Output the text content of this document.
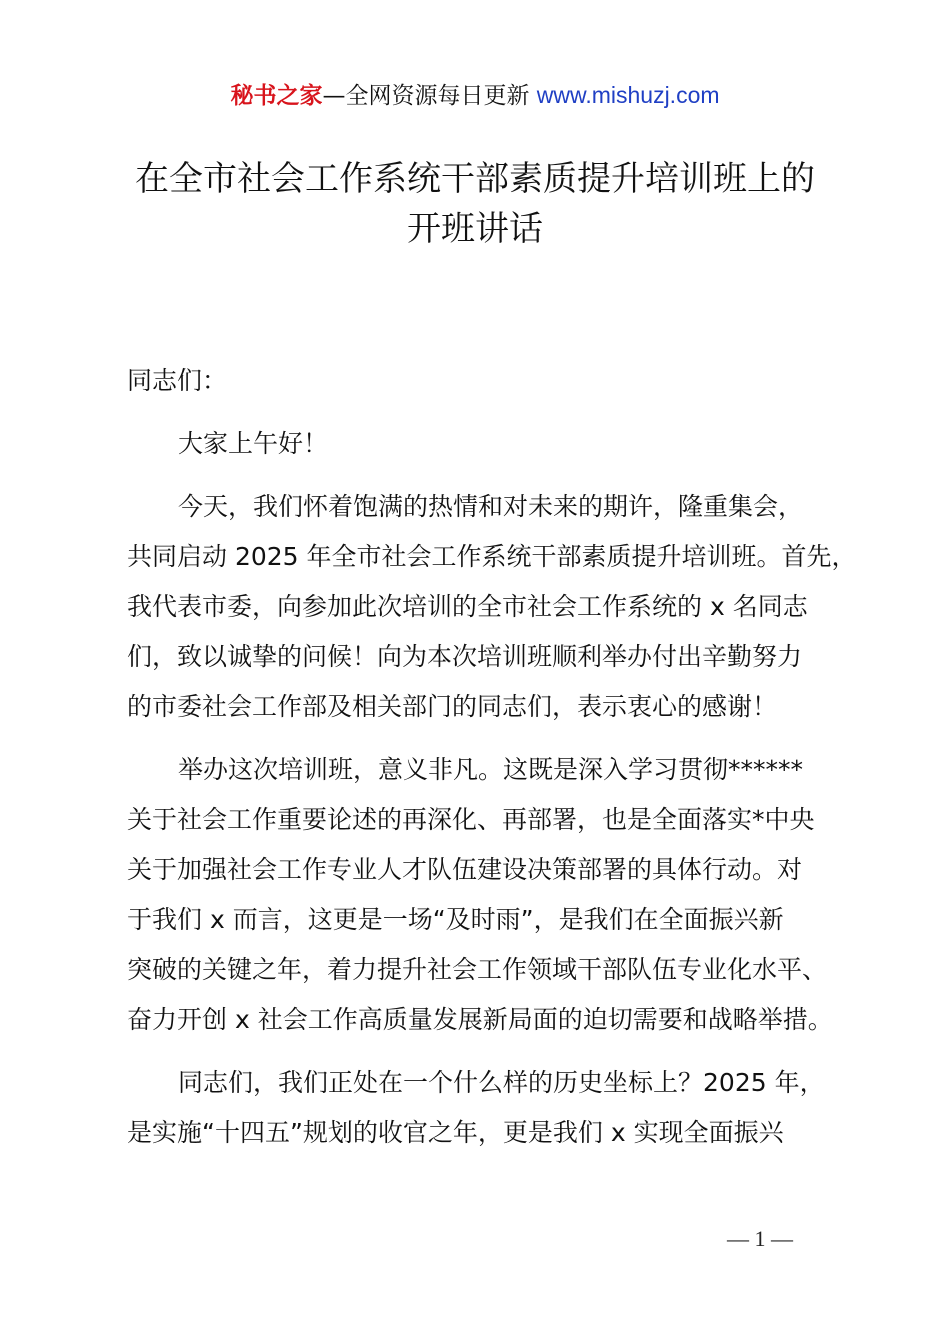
秘书之家—全网资源每日更新 www.mishuzj.com
在全市社会工作系统干部素质提升培训班上的
开班讲话
同志们：
大家上午好！
今天，我们怀着饱满的热情和对未来的期许，隆重集会，
共同启动 2025 年全市社会工作系统干部素质提升培训班。首先，
我代表市委，向参加此次培训的全市社会工作系统的 x 名同志
们，致以诚挚的问候！向为本次培训班顺利举办付出辛勤努力
的市委社会工作部及相关部门的同志们，表示衷心的感谢！
举办这次培训班，意义非凡。这既是深入学习贯彻******
关于社会工作重要论述的再深化、再部署，也是全面落实*中央
关于加强社会工作专业人才队伍建设决策部署的具体行动。对
于我们 x 而言，这更是一场“及时雨”，是我们在全面振兴新
突破的关键之年，着力提升社会工作领域干部队伍专业化水平、
奋力开创 x 社会工作高质量发展新局面的迫切需要和战略举措。
同志们，我们正处在一个什么样的历史坐标上？2025 年，
是实施“十四五”规划的收官之年，更是我们 x 实现全面振兴
— 1 —
